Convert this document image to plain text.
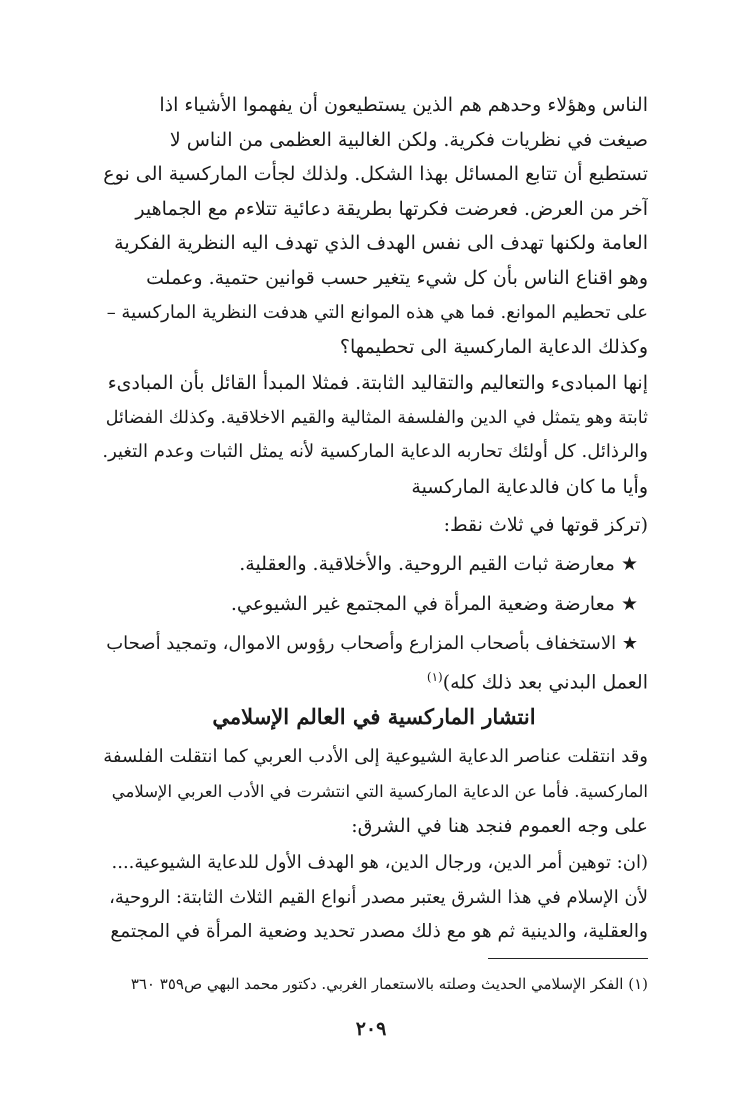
الناس وهؤلاء وحدهم هم الذين يستطيعون أن يفهموا الأشياء اذا
صيغت في نظريات فكرية. ولكن الغالبية العظمى من الناس لا
تستطيع أن تتابع المسائل بهذا الشكل. ولذلك لجأت الماركسية الى نوع
آخر من العرض. فعرضت فكرتها بطريقة دعائية تتلاءم مع الجماهير
العامة ولكنها تهدف الى نفس الهدف الذي تهدف اليه النظرية الفكرية
وهو اقناع الناس بأن كل شيء يتغير حسب قوانين حتمية. وعملت
على تحطيم الموانع. فما هي هذه الموانع التي هدفت النظرية الماركسية –
وكذلك الدعاية الماركسية الى تحطيمها؟
إنها المبادىء والتعاليم والتقاليد الثابتة. فمثلا المبدأ القائل بأن المبادىء
ثابتة وهو يتمثل في الدين والفلسفة المثالية والقيم الاخلاقية. وكذلك الفضائل
والرذائل. كل أولئك تحاربه الدعاية الماركسية لأنه يمثل الثبات وعدم التغير.
وأيا ما كان فالدعاية الماركسية
(تركز قوتها في ثلاث نقط:
★ معارضة ثبات القيم الروحية. والأخلاقية. والعقلية.
★ معارضة وضعية المرأة في المجتمع غير الشيوعي.
★ الاستخفاف بأصحاب المزارع وأصحاب رؤوس الاموال، وتمجيد أصحاب
العمل البدني بعد ذلك كله)$^{(١)}$
انتشار الماركسية في العالم الإسلامي
وقد انتقلت عناصر الدعاية الشيوعية إلى الأدب العربي كما انتقلت الفلسفة
الماركسية. فأما عن الدعاية الماركسية التي انتشرت في الأدب العربي الإسلامي
على وجه العموم فنجد هنا في الشرق:
(ان: توهين أمر الدين، ورجال الدين، هو الهدف الأول للدعاية الشيوعية....
لأن الإسلام في هذا الشرق يعتبر مصدر أنواع القيم الثلاث الثابتة: الروحية،
والعقلية، والدينية ثم هو مع ذلك مصدر تحديد وضعية المرأة في المجتمع
(١) الفكر الإسلامي الحديث وصلته بالاستعمار الغربي. دكتور محمد البهي ص٣٥٩ ٣٦٠
٢٠٩
